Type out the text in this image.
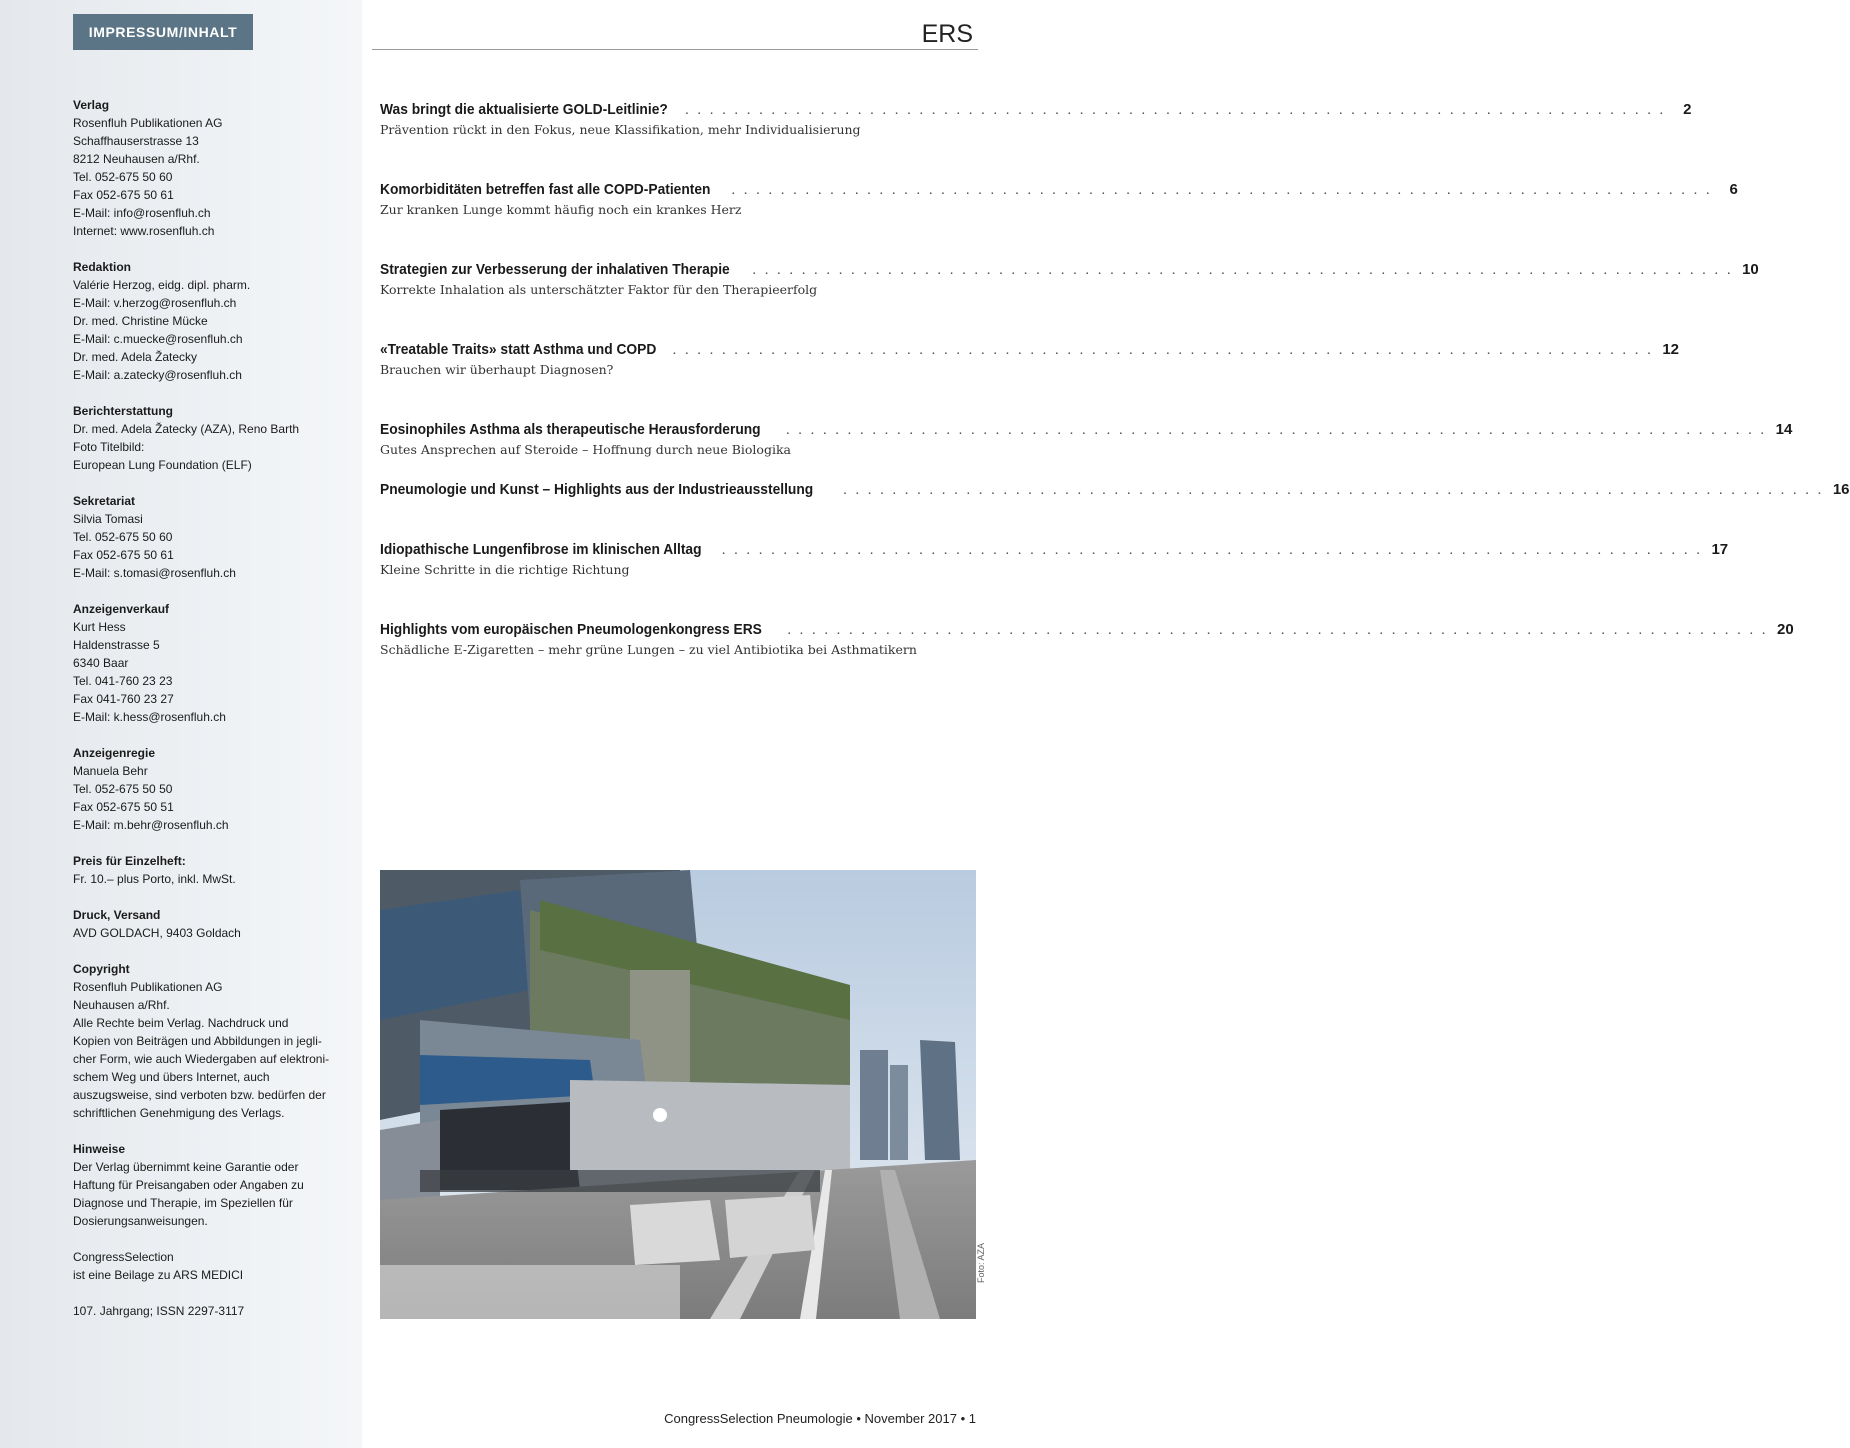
IMPRESSUM/INHALT
Verlag
Rosenfluh Publikationen AG
Schaffhauserstrasse 13
8212 Neuhausen a/Rhf.
Tel. 052-675 50 60
Fax 052-675 50 61
E-Mail: info@rosenfluh.ch
Internet: www.rosenfluh.ch
Redaktion
Valérie Herzog, eidg. dipl. pharm.
E-Mail: v.herzog@rosenfluh.ch
Dr. med. Christine Mücke
E-Mail: c.muecke@rosenfluh.ch
Dr. med. Adela Žatecky
E-Mail: a.zatecky@rosenfluh.ch
Berichterstattung
Dr. med. Adela Žatecky (AZA), Reno Barth
Foto Titelbild:
European Lung Foundation (ELF)
Sekretariat
Silvia Tomasi
Tel. 052-675 50 60
Fax 052-675 50 61
E-Mail: s.tomasi@rosenfluh.ch
Anzeigenverkauf
Kurt Hess
Haldenstrasse 5
6340 Baar
Tel. 041-760 23 23
Fax 041-760 23 27
E-Mail: k.hess@rosenfluh.ch
Anzeigenregie
Manuela Behr
Tel. 052-675 50 50
Fax 052-675 50 51
E-Mail: m.behr@rosenfluh.ch
Preis für Einzelheft:
Fr. 10.– plus Porto, inkl. MwSt.
Druck, Versand
AVD GOLDACH, 9403 Goldach
Copyright
Rosenfluh Publikationen AG
Neuhausen a/Rhf.
Alle Rechte beim Verlag. Nachdruck und
Kopien von Beiträgen und Abbildungen in jegli-
cher Form, wie auch Wiedergaben auf elektroni-
schem Weg und übers Internet, auch
auszugsweise, sind verboten bzw. bedürfen der
schriftlichen Genehmigung des Verlags.
Hinweise
Der Verlag übernimmt keine Garantie oder
Haftung für Preisangaben oder Angaben zu
Diagnose und Therapie, im Speziellen für
Dosierungsanweisungen.
CongressSelection
ist eine Beilage zu ARS MEDICI
107. Jahrgang; ISSN 2297-3117
ERS
Was bringt die aktualisierte GOLD-Leitlinie?	. . . . . . . . . . . . . . . . . . . . . . . . . . . . . . . . . . . . . . . . . . . . . . . . . . . . . . . . . . . . . . . . . . . . . . . . . . . . . . . .	2
Prävention rückt in den Fokus, neue Klassifikation, mehr Individualisierung
Komorbiditäten betreffen fast alle COPD-Patienten	. . . . . . . . . . . . . . . . . . . . . . . . . . . . . . . . . . . . . . . . . . . . . . . . . . . . . . . . . . . . . . . . . . . . . . . . . . . . . . . .	6
Zur kranken Lunge kommt häufig noch ein krankes Herz
Strategien zur Verbesserung der inhalativen Therapie	. . . . . . . . . . . . . . . . . . . . . . . . . . . . . . . . . . . . . . . . . . . . . . . . . . . . . . . . . . . . . . . . . . . . . . . . . . . . . . . . 10
Korrekte Inhalation als unterschätzter Faktor für den Therapieerfolg
«Treatable Traits» statt Asthma und COPD	. . . . . . . . . . . . . . . . . . . . . . . . . . . . . . . . . . . . . . . . . . . . . . . . . . . . . . . . . . . . . . . . . . . . . . . . . . . . . . . . 12
Brauchen wir überhaupt Diagnosen?
Eosinophiles Asthma als therapeutische Herausforderung	. . . . . . . . . . . . . . . . . . . . . . . . . . . . . . . . . . . . . . . . . . . . . . . . . . . . . . . . . . . . . . . . . . . . . . . . . . . . . . . . 14
Gutes Ansprechen auf Steroide – Hoffnung durch neue Biologika
Pneumologie und Kunst – Highlights aus der Industrieausstellung	. . . . . . . . . . . . . . . . . . . . . . . . . . . . . . . . . . . . . . . . . . . . . . . . . . . . . . . . . . . . . . . . . . . . . . . . . . . . . . . . 16
Idiopathische Lungenfibrose im klinischen Alltag	. . . . . . . . . . . . . . . . . . . . . . . . . . . . . . . . . . . . . . . . . . . . . . . . . . . . . . . . . . . . . . . . . . . . . . . . . . . . . . . . 17
Kleine Schritte in die richtige Richtung
Highlights vom europäischen Pneumologenkongress ERS	. . . . . . . . . . . . . . . . . . . . . . . . . . . . . . . . . . . . . . . . . . . . . . . . . . . . . . . . . . . . . . . . . . . . . . . . . . . . . . . . 20
Schädliche E-Zigaretten – mehr grüne Lungen – zu viel Antibiotika bei Asthmatikern
Foto: AZA
CongressSelection Pneumologie • November 2017 • 1
